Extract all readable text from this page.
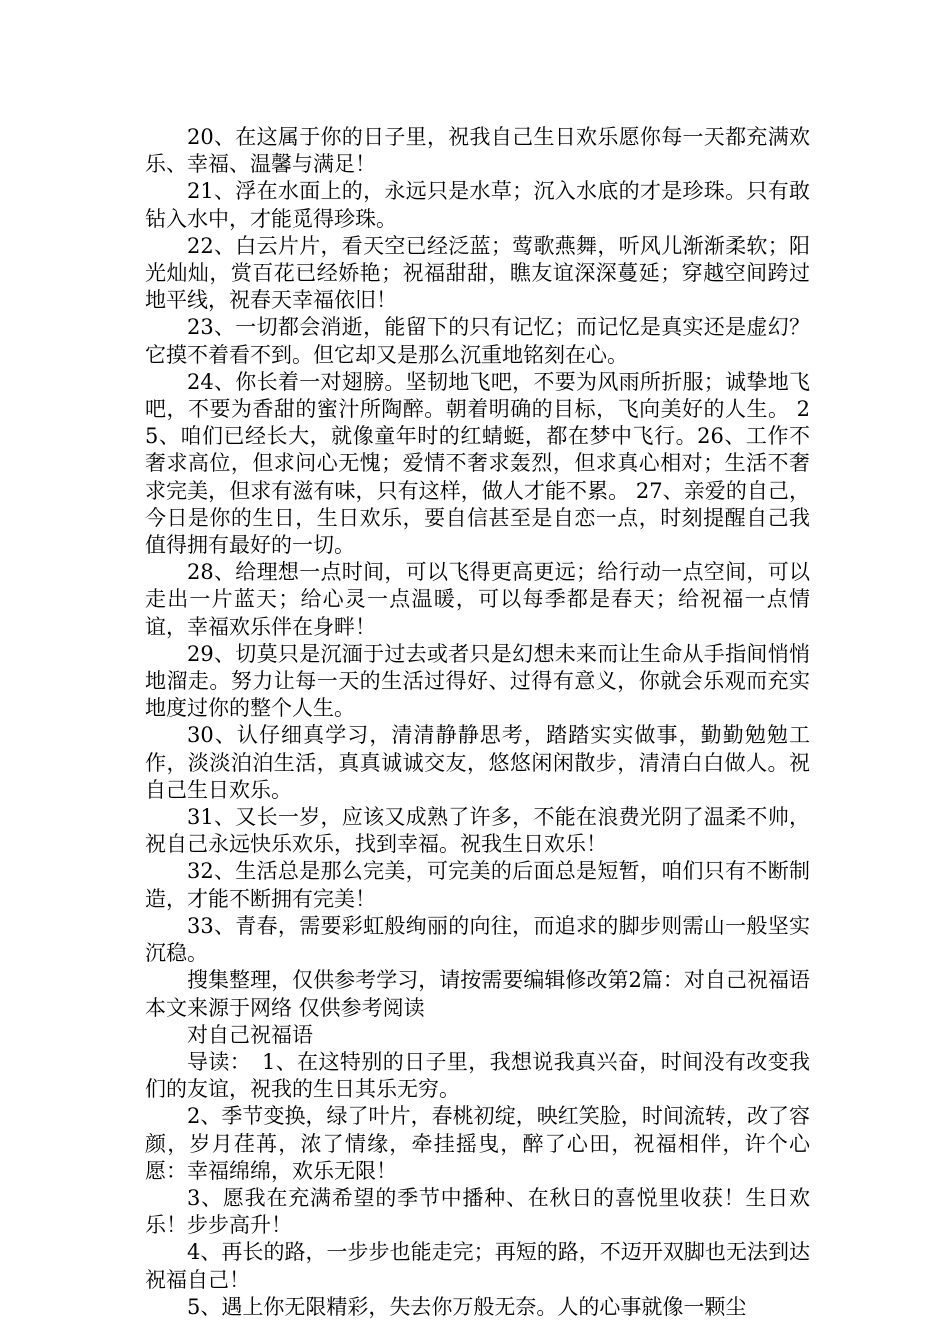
20、在这属于你的日子里，祝我自己生日欢乐愿你每一天都充满欢乐、幸福、温馨与满足！

21、浮在水面上的，永远只是水草；沉入水底的才是珍珠。只有敢钻入水中，才能觅得珍珠。

22、白云片片，看天空已经泛蓝；莺歌燕舞，听风儿渐渐柔软；阳光灿灿，赏百花已经娇艳；祝福甜甜，瞧友谊深深蔓延；穿越空间跨过地平线，祝春天幸福依旧！

23、一切都会消逝，能留下的只有记忆；而记忆是真实还是虚幻？它摸不着看不到。但它却又是那么沉重地铭刻在心。

24、你长着一对翅膀。坚韧地飞吧，不要为风雨所折服；诚挚地飞吧，不要为香甜的蜜汁所陶醉。朝着明确的目标，飞向美好的人生。 25、咱们已经长大，就像童年时的红蜻蜓，都在梦中飞行。26、工作不奢求高位，但求问心无愧；爱情不奢求轰烈，但求真心相对；生活不奢求完美，但求有滋有味，只有这样，做人才能不累。 27、亲爱的自己，今日是你的生日，生日欢乐，要自信甚至是自恋一点，时刻提醒自己我值得拥有最好的一切。

28、给理想一点时间，可以飞得更高更远；给行动一点空间，可以走出一片蓝天；给心灵一点温暖，可以每季都是春天；给祝福一点情谊，幸福欢乐伴在身畔！

29、切莫只是沉湎于过去或者只是幻想未来而让生命从手指间悄悄地溜走。努力让每一天的生活过得好、过得有意义，你就会乐观而充实地度过你的整个人生。

30、认仔细真学习，清清静静思考，踏踏实实做事，勤勤勉勉工作，淡淡泊泊生活，真真诚诚交友，悠悠闲闲散步，清清白白做人。祝自己生日欢乐。

31、又长一岁，应该又成熟了许多，不能在浪费光阴了温柔不帅，祝自己永远快乐欢乐，找到幸福。祝我生日欢乐！

32、生活总是那么完美，可完美的后面总是短暂，咱们只有不断制造，才能不断拥有完美！

33、青春，需要彩虹般绚丽的向往，而追求的脚步则需山一般坚实沉稳。

搜集整理，仅供参考学习，请按需要编辑修改第2篇：对自己祝福语本文来源于网络 仅供参考阅读

对自己祝福语

导读：　1、在这特别的日子里，我想说我真兴奋，时间没有改变我们的友谊，祝我的生日其乐无穷。

2、季节变换，绿了叶片，春桃初绽，映红笑脸，时间流转，改了容颜，岁月荏苒，浓了情缘，牵挂摇曳，醉了心田，祝福相伴，许个心愿：幸福绵绵，欢乐无限！

3、愿我在充满希望的季节中播种、在秋日的喜悦里收获！生日欢乐！步步高升！

4、再长的路，一步步也能走完；再短的路，不迈开双脚也无法到达祝福自己！

5、遇上你无限精彩，失去你万般无奈。人的心事就像一颗尘
